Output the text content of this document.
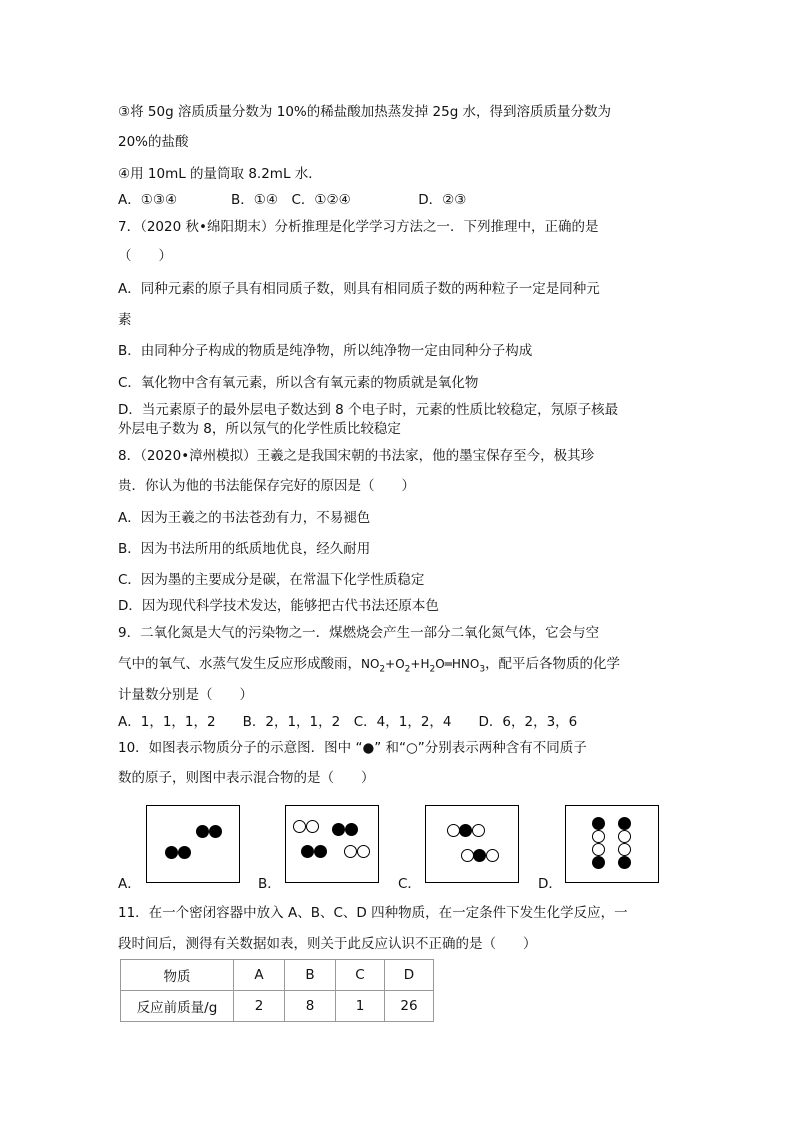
③将 50g 溶质质量分数为 10%的稀盐酸加热蒸发掉 25g 水，得到溶质质量分数为
20%的盐酸
④用 10mL 的量筒取 8.2mL 水．
A．①③④　　　　B．①④　C．①②④　　　　　D．②③
7．（2020 秋•绵阳期末）分析推理是化学学习方法之一．下列推理中，正确的是
（　　）
A．同种元素的原子具有相同质子数，则具有相同质子数的两种粒子一定是同种元
素
B．由同种分子构成的物质是纯净物，所以纯净物一定由同种分子构成
C．氧化物中含有氧元素，所以含有氧元素的物质就是氧化物
D．当元素原子的最外层电子数达到 8 个电子时，元素的性质比较稳定，氖原子核最
外层电子数为 8，所以氖气的化学性质比较稳定
8．（2020•漳州模拟）王羲之是我国宋朝的书法家，他的墨宝保存至今，极其珍
贵．你认为他的书法能保存完好的原因是（　　）
A．因为王羲之的书法苍劲有力，不易褪色
B．因为书法所用的纸质地优良，经久耐用
C．因为墨的主要成分是碳，在常温下化学性质稳定
D．因为现代科学技术发达，能够把古代书法还原本色
9．二氧化氮是大气的污染物之一．煤燃烧会产生一部分二氧化氮气体，它会与空
气中的氧气、水蒸气发生反应形成酸雨，$NO_2+O_2+H_2O═HNO_3$，配平后各物质的化学
计量数分别是（　　）
A．1，1，1，2　　B．2，1，1，2　C．4，1，2，4　　D．6，2，3，6
10．如图表示物质分子的示意图．图中 “●” 和“○”分别表示两种含有不同质子
数的原子，则图中表示混合物的是（　　）
A．	B．	C．	D．
11．在一个密闭容器中放入 A、B、C、D 四种物质，在一定条件下发生化学反应，一
段时间后，测得有关数据如表，则关于此反应认识不正确的是（　　）
物质	A	B	C	D
反应前质量/g	2	8	1	26
